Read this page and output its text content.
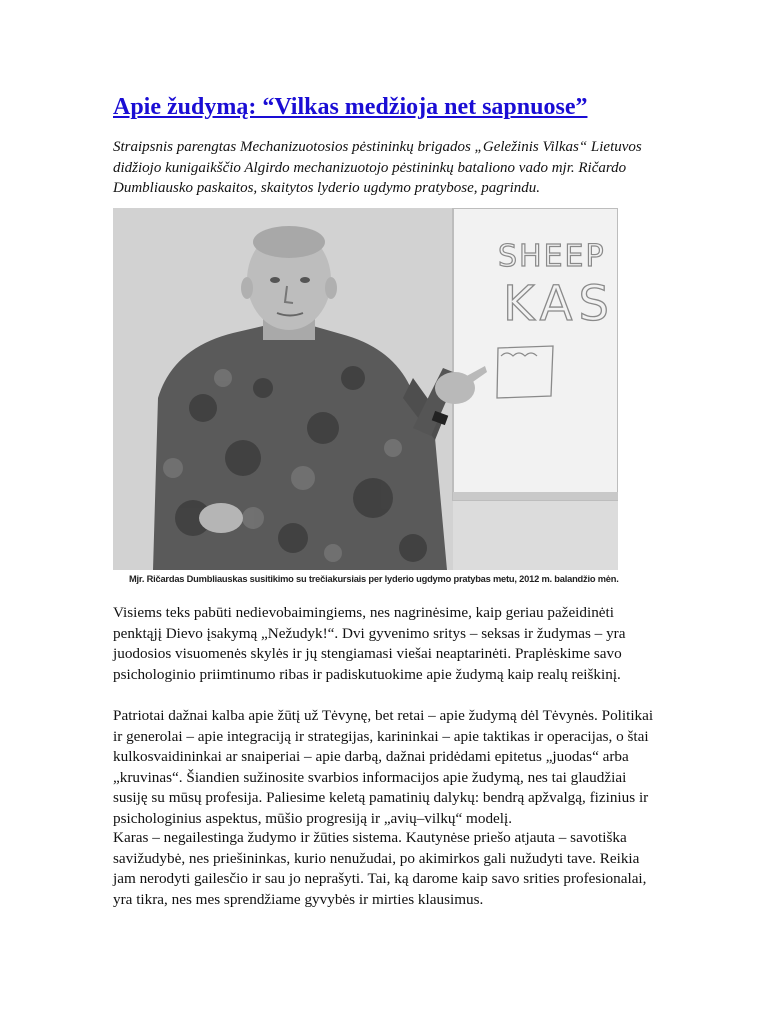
Apie žudymą: “Vilkas medžioja net sapnuose”

Straipsnis parengtas Mechanizuotosios pėstininkų brigados „Geležinis Vilkas“ Lietuvos
didžiojo kunigaikščio Algirdo mechanizuotojo pėstininkų bataliono vado mjr. Ričardo
Dumbliausko paskaitos, skaitytos lyderio ugdymo pratybose, pagrindu.

SHEEP
KAS

Mjr. Ričardas Dumbliauskas susitikimo su trečiakursiais per lyderio ugdymo pratybas metu, 2012 m. balandžio mėn.

Visiems teks pabūti nedievobaimingiems, nes nagrinėsime, kaip geriau pažeidinėti
penktąjį Dievo įsakymą „Nežudyk!“. Dvi gyvenimo sritys – seksas ir žudymas – yra
juodosios visuomenės skylės ir jų stengiamasi viešai neaptarinėti. Praplėskime savo
psichologinio priimtinumo ribas ir padiskutuokime apie žudymą kaip realų reiškinį.

Patriotai dažnai kalba apie žūtį už Tėvynę, bet retai – apie žudymą dėl Tėvynės. Politikai
ir generolai – apie integraciją ir strategijas, karininkai – apie taktikas ir operacijas, o štai
kulkosvaidininkai ar snaiperiai – apie darbą, dažnai pridėdami epitetus „juodas“ arba
„kruvinas“. Šiandien sužinosite svarbios informacijos apie žudymą, nes tai glaudžiai
susiję su mūsų profesija. Paliesime keletą pamatinių dalykų: bendrą apžvalgą, fizinius ir
psichologinius aspektus, mūšio progresiją ir „avių–vilkų“ modelį.

Karas – negailestinga žudymo ir žūties sistema. Kautynėse priešo atjauta – savotiška
savižudybė, nes priešininkas, kurio nenužudai, po akimirkos gali nužudyti tave. Reikia
jam nerodyti gailesčio ir sau jo neprašyti. Tai, ką darome kaip savo srities profesionalai,
yra tikra, nes mes sprendžiame gyvybės ir mirties klausimus.
